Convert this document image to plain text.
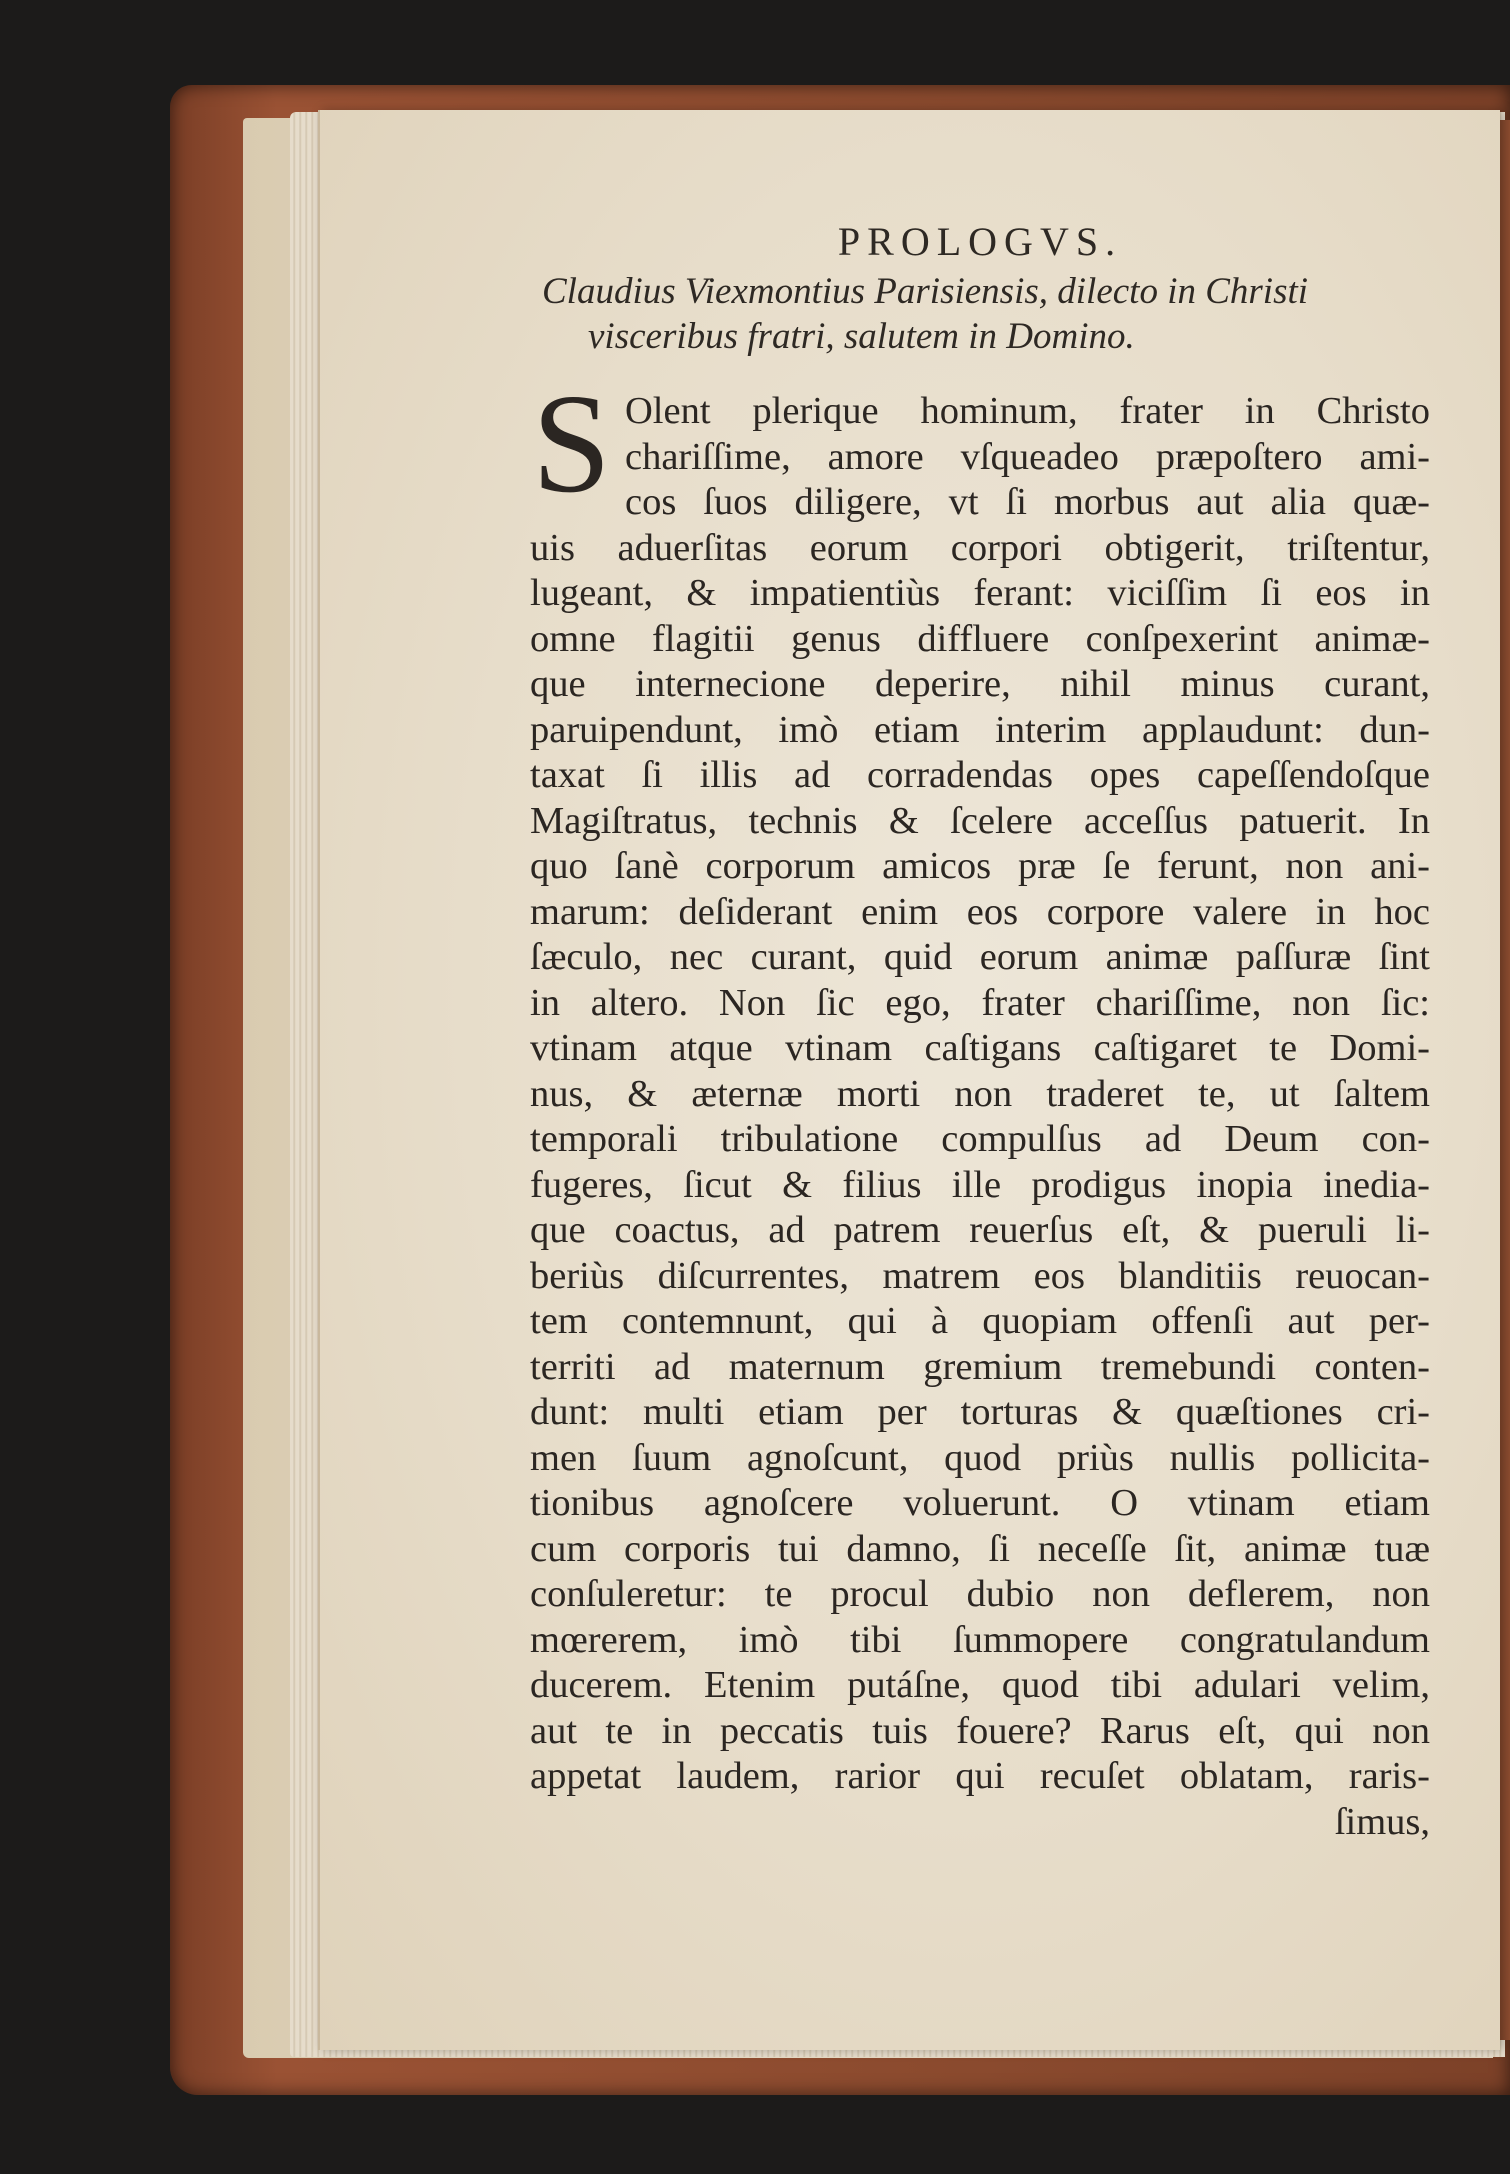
PROLOGVS.
Claudius Viexmontius Parisiensis, dilecto in Christi
visceribus fratri, salutem in Domino.
S Olent plerique hominum, frater in Christo
chariſſime, amore vſqueadeo præpoſtero ami-
cos ſuos diligere, vt ſi morbus aut alia quæ-
uis aduerſitas eorum corpori obtigerit, triſtentur,
lugeant, & impatientiùs ferant: viciſſim ſi eos in
omne flagitii genus diffluere conſpexerint animæ-
que internecione deperire, nihil minus curant,
paruipendunt, imò etiam interim applaudunt: dun-
taxat ſi illis ad corradendas opes capeſſendoſque
Magiſtratus, technis & ſcelere acceſſus patuerit. In
quo ſanè corporum amicos præ ſe ferunt, non ani-
marum: deſiderant enim eos corpore valere in hoc
ſæculo, nec curant, quid eorum animæ paſſuræ ſint
in altero. Non ſic ego, frater chariſſime, non ſic:
vtinam atque vtinam caſtigans caſtigaret te Domi-
nus, & æternæ morti non traderet te, ut ſaltem
temporali tribulatione compulſus ad Deum con-
fugeres, ſicut & filius ille prodigus inopia inedia-
que coactus, ad patrem reuerſus eſt, & pueruli li-
beriùs diſcurrentes, matrem eos blanditiis reuocan-
tem contemnunt, qui à quopiam offenſi aut per-
territi ad maternum gremium tremebundi conten-
dunt: multi etiam per torturas & quæſtiones cri-
men ſuum agnoſcunt, quod priùs nullis pollicita-
tionibus agnoſcere voluerunt. O vtinam etiam
cum corporis tui damno, ſi neceſſe ſit, animæ tuæ
conſuleretur: te procul dubio non deflerem, non
mœrerem, imò tibi ſummopere congratulandum
ducerem. Etenim putáſne, quod tibi adulari velim,
aut te in peccatis tuis fouere? Rarus eſt, qui non
appetat laudem, rarior qui recuſet oblatam, raris-
ſimus,
